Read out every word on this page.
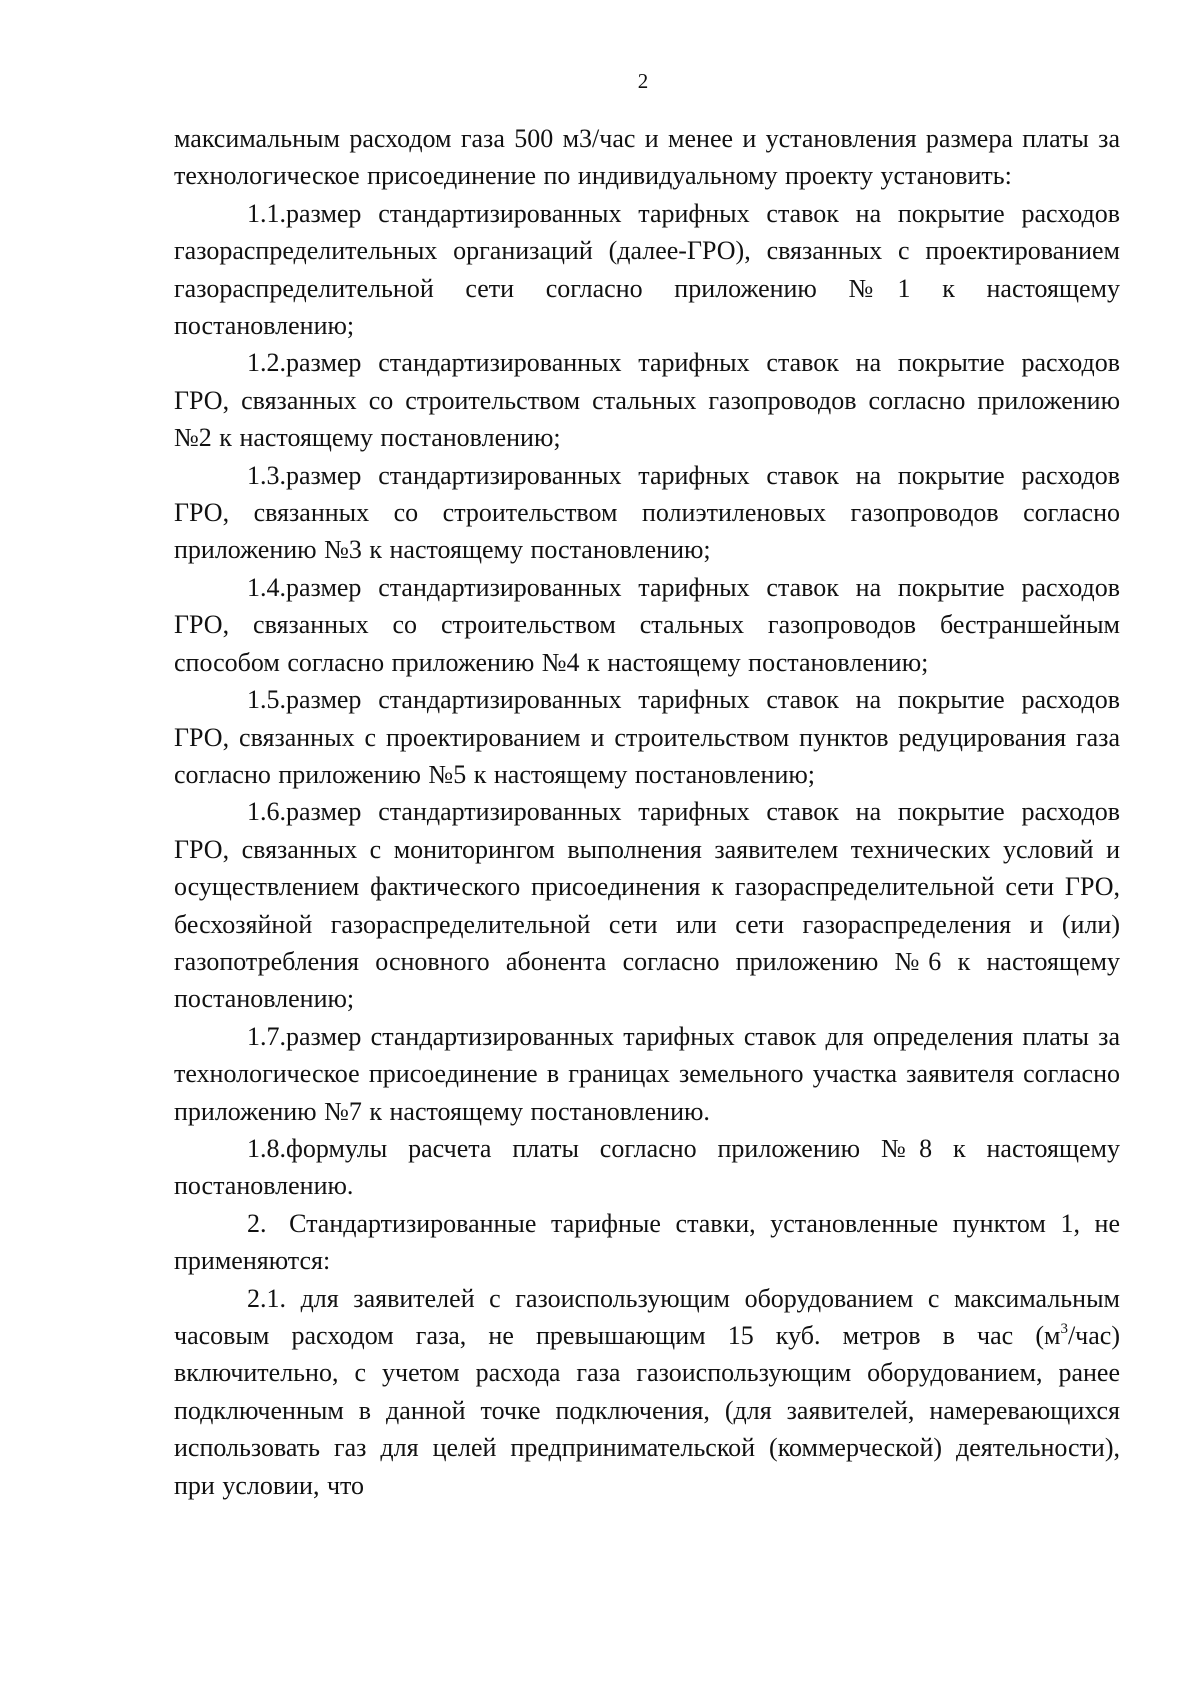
2

максимальным расходом газа 500 м3/час и менее и установления размера платы за технологическое присоединение по индивидуальному проекту установить:

1.1.размер стандартизированных тарифных ставок на покрытие расходов газораспределительных организаций (далее-ГРО), связанных с проектированием газораспределительной сети согласно приложению №1 к настоящему постановлению;

1.2.размер стандартизированных тарифных ставок на покрытие расходов ГРО, связанных со строительством стальных газопроводов согласно приложению №2 к настоящему постановлению;

1.3.размер стандартизированных тарифных ставок на покрытие расходов ГРО, связанных со строительством полиэтиленовых газопроводов согласно приложению №3 к настоящему постановлению;

1.4.размер стандартизированных тарифных ставок на покрытие расходов ГРО, связанных со строительством стальных газопроводов бестраншейным способом согласно приложению №4 к настоящему постановлению;

1.5.размер стандартизированных тарифных ставок на покрытие расходов ГРО, связанных с проектированием и строительством пунктов редуцирования газа согласно приложению №5 к настоящему постановлению;

1.6.размер стандартизированных тарифных ставок на покрытие расходов ГРО, связанных с мониторингом выполнения заявителем технических условий и осуществлением фактического присоединения к газораспределительной сети ГРО, бесхозяйной газораспределительной сети или сети газораспределения и (или) газопотребления основного абонента согласно приложению №6 к настоящему постановлению;

1.7.размер стандартизированных тарифных ставок для определения платы за технологическое присоединение в границах земельного участка заявителя согласно приложению №7 к настоящему постановлению.

1.8.формулы расчета платы согласно приложению №8 к настоящему постановлению.

2. Стандартизированные тарифные ставки, установленные пунктом 1, не применяются:

2.1. для заявителей с газоиспользующим оборудованием с максимальным часовым расходом газа, не превышающим 15 куб. метров в час $(м^3/час)$ включительно, с учетом расхода газа газоиспользующим оборудованием, ранее подключенным в данной точке подключения, (для заявителей, намеревающихся использовать газ для целей предпринимательской (коммерческой) деятельности), при условии, что
